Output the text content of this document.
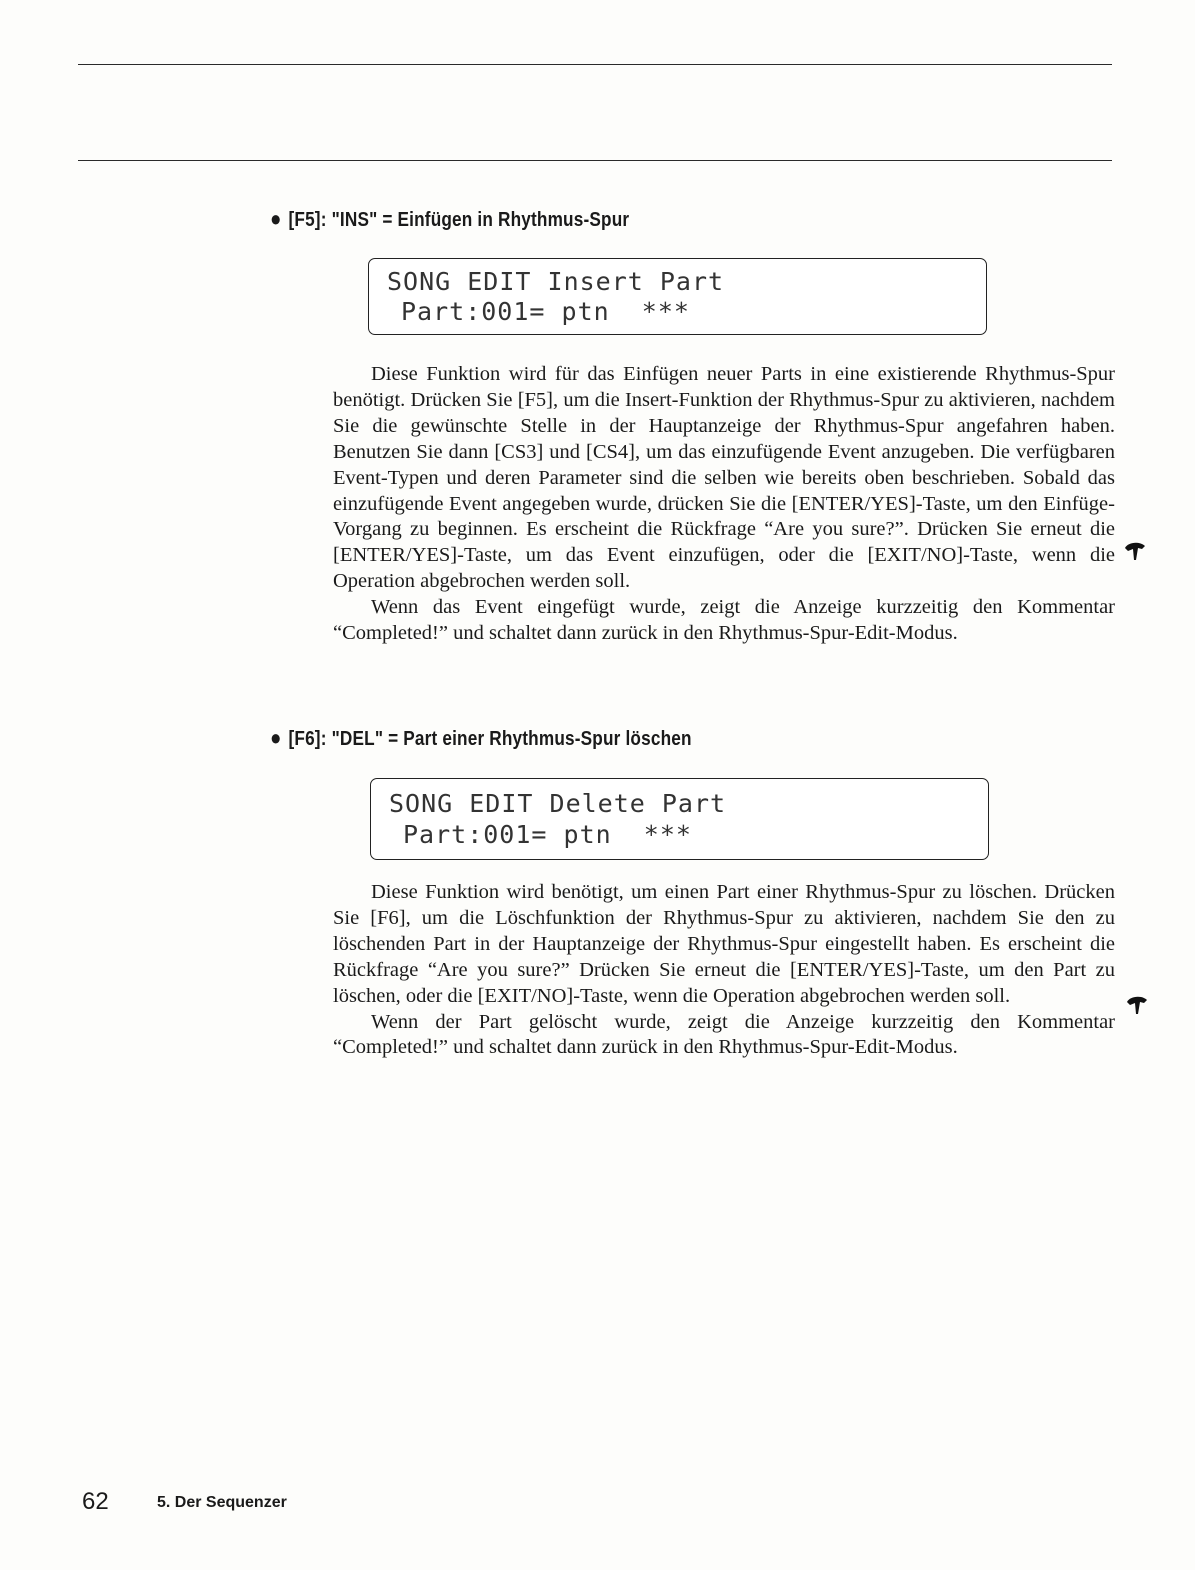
● [F5]: "INS" = Einfügen in Rhythmus-Spur
SONG EDIT Insert Part
Part:001= ptn  ***

Diese Funktion wird für das Einfügen neuer Parts in eine existierende Rhythmus-Spur benötigt. Drücken Sie [F5], um die Insert-Funktion der Rhythmus-Spur zu aktivieren, nachdem Sie die gewünschte Stelle in der Hauptanzeige der Rhythmus-Spur angefahren haben. Benutzen Sie dann [CS3] und [CS4], um das einzufügende Event anzugeben. Die verfügbaren Event-Typen und deren Parameter sind die selben wie bereits oben beschrieben. Sobald das einzufügende Event angegeben wurde, drücken Sie die [ENTER/YES]-Taste, um den Einfüge-Vorgang zu beginnen. Es erscheint die Rückfrage “Are you sure?”. Drücken Sie erneut die [ENTER/YES]-Taste, um das Event einzufügen, oder die [EXIT/NO]-Taste, wenn die Operation abgebrochen werden soll.

Wenn das Event eingefügt wurde, zeigt die Anzeige kurzzeitig den Kommentar “Completed!” und schaltet dann zurück in den Rhythmus-Spur-Edit-Modus.

● [F6]: "DEL" = Part einer Rhythmus-Spur löschen
SONG EDIT Delete Part
Part:001= ptn  ***

Diese Funktion wird benötigt, um einen Part einer Rhythmus-Spur zu löschen. Drücken Sie [F6], um die Löschfunktion der Rhythmus-Spur zu aktivieren, nachdem Sie den zu löschenden Part in der Hauptanzeige der Rhythmus-Spur eingestellt haben. Es erscheint die Rückfrage “Are you sure?” Drücken Sie erneut die [ENTER/YES]-Taste, um den Part zu löschen, oder die [EXIT/NO]-Taste, wenn die Operation abgebrochen werden soll.

Wenn der Part gelöscht wurde, zeigt die Anzeige kurzzeitig den Kommentar “Completed!” und schaltet dann zurück in den Rhythmus-Spur-Edit-Modus.

62	5. Der Sequenzer
